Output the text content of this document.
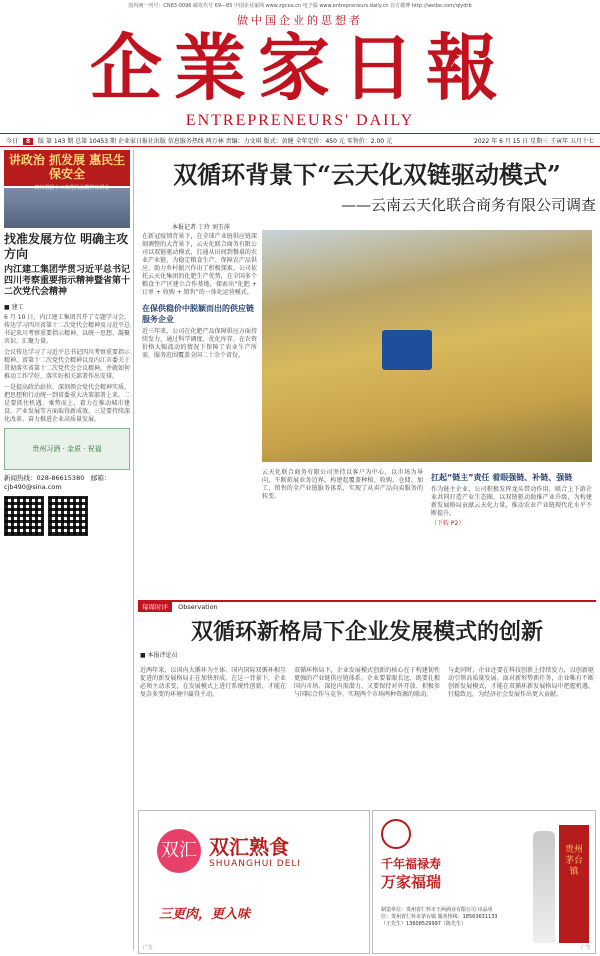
国内统一刊号：CN83-0096 邮发代号 69—85 中国企业家网 www.zgcea.cn 电子版 www.entrepreneurs.daily.cn 官方微博 http://weibo.com/qiydrb
做中国企业的思想者
企業家日報
ENTREPRENEURS' DAILY
今日 8 版 第 143 期 总第 10453 期 企业家日报社出版 信息服务热线 两万林 责编：力文琪 版式：黄健 全年定价：450 元 零售价：2.00 元	2022 年 6 月 15 日 星期三 壬寅年 五月十七
讲政治 抓发展 惠民生 保安全
——四川省第十二次党代会精神宣讲会
找准发展方位 明确主攻方向
内江建工集团学贯习近平总书记四川考察重要指示精神暨省第十二次党代会精神
■ 建工
6 月 10 日，内江建工集团召开了专题学习会，传达学习四川省第十二次党代会精神及习近平总书记来川考察重要指示精神，以统一思想、凝聚共识、汇聚力量。
会议传达学习了习近平总书记四川考察重要指示精神、省第十二次党代会精神以及内江市委关于贯彻落实省第十二次党代会会议精神，并就如何推动工作学好、落实好相关部署作出安排。
一是提高政治站位，深刻领会党代会精神实质，把思想和行动统一到省委重大决策部署上来。二是要抓住机遇、乘势而上，着力在推动城市建设、产业发展等方面取得新成效。三是要持续深化改革、奋力推进企业高质量发展。
贵州习酒 · 金质 · 祝福
新闻热线：028-86615380　邮箱：cjb490@sina.com
双循环背景下“云天化双链驱动模式”
——云南云天化联合商务有限公司调查
本报记者 丁玲 刘玉萍
在新冠疫情背景下，在全球产业链供应链深刻调整的大背景下，云天化联合商务有限公司以双链驱动模式，打通从田间到餐桌的农业产业链，为稳定粮食生产、保障农产品供应、助力乡村振兴作出了积极探索。公司依托云天化集团的化肥生产优势，在全国多个粮食主产区建立合作基地，探索出“化肥 + 订单 + 收购 + 销售”的一体化运营模式。
在保供稳价中脱颖而出的供应链服务企业
近三年来，公司在化肥产品保障供应方面持续发力，通过科学调度、优化库存，在农资价格大幅波动的情况下保障了农业生产所需，服务范围覆盖全国二十余个省份。
云天化联合商务有限公司坚持以客户为中心，以市场为导向，不断拓展业务边界，构建起覆盖种植、收购、仓储、加工、销售的全产业链服务体系，实现了从卖产品向卖服务的转变。
扛起“链主”责任 着眼强链、补链、强链
作为链主企业，公司积极发挥龙头带动作用，联合上下游企业共同打造产业生态圈，以双链驱动助推产业升级，为构建新发展格局贡献云天化力量，推动农业产业链现代化水平不断提升。
（下转 P2）
每周时评 Observation
双循环新格局下企业发展模式的创新
■ 本报评论员
近两年来，以国内大循环为主体、国内国际双循环相互促进的新发展格局正在加快形成。在这一背景下，企业必须主动求变，在发展模式上进行系统性创新，才能在复杂多变的环境中赢得主动。
双循环格局下，企业发展模式创新的核心在于构建韧性更强的产业链供应链体系。企业要着眼长远，既要扎根国内市场、深挖内需潜力，又要保持对外开放、积极参与国际合作与竞争，实现两个市场两种资源的联动。
与此同时，企业还要在科技创新上持续发力，以创新驱动引领高质量发展。面对新形势新任务，企业唯有不断创新发展模式，才能在双循环新发展格局中把握机遇、行稳致远，为经济社会发展作出更大贡献。
双汇 双汇熟食
SHUANGHUI DELI
三更肉，更入味
广告
千年福禄寿
万家福瑞
制造单位：贵州省仁怀市王两酒业有限公司 出品单位：贵州省仁怀市茅台镇 服务热线：18563631133（王先生）13608529997（陈先生）
贵州茅台镇
广告
